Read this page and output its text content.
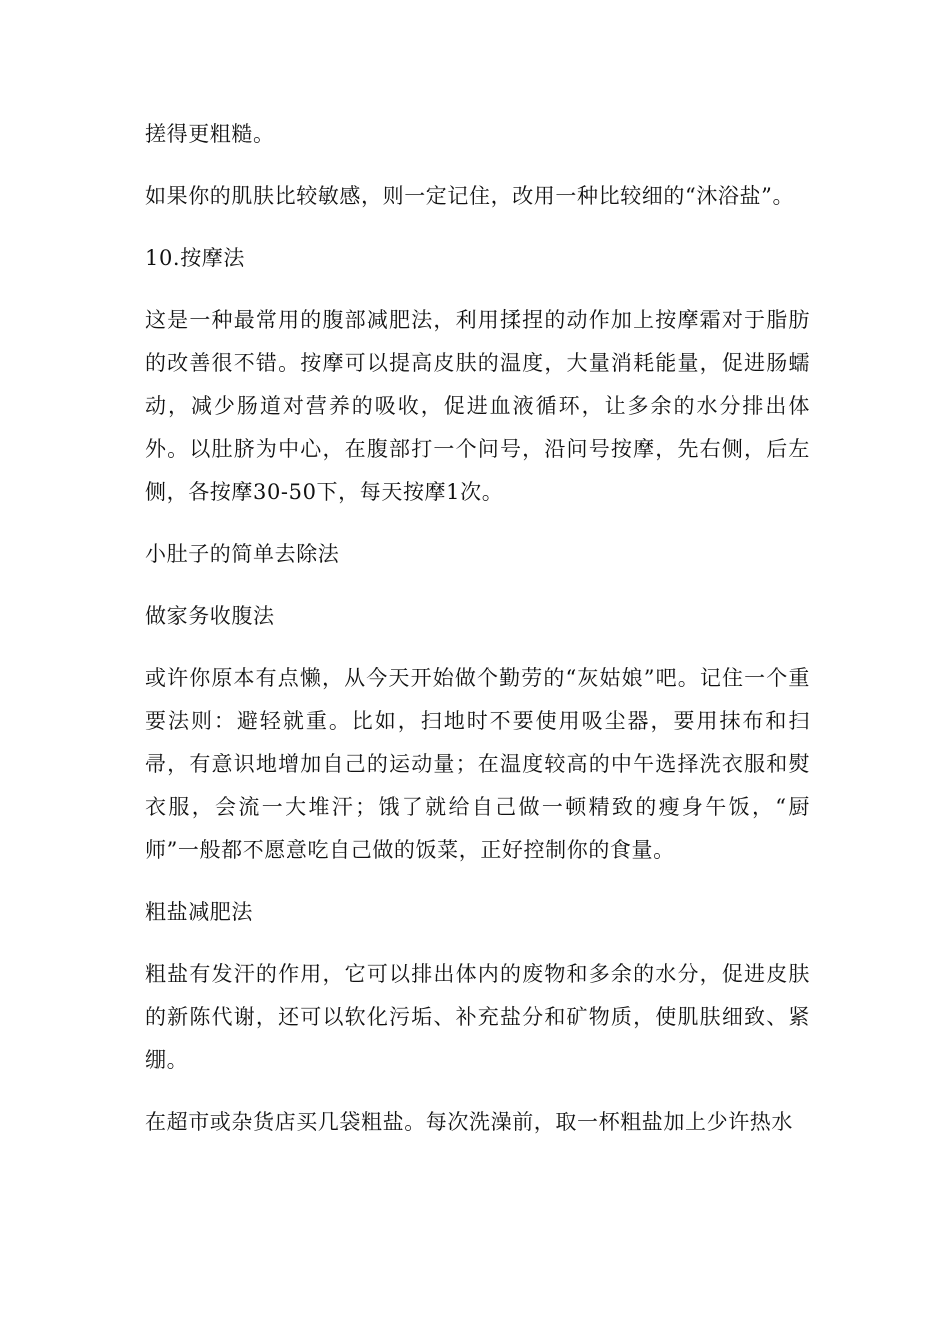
搓得更粗糙。

如果你的肌肤比较敏感，则一定记住，改用一种比较细的“沐浴盐”。

10.按摩法

这是一种最常用的腹部减肥法，利用揉捏的动作加上按摩霜对于脂肪的改善很不错。按摩可以提高皮肤的温度，大量消耗能量，促进肠蠕动，减少肠道对营养的吸收，促进血液循环，让多余的水分排出体外。以肚脐为中心，在腹部打一个问号，沿问号按摩，先右侧，后左侧，各按摩30-50下，每天按摩1次。

小肚子的简单去除法

做家务收腹法

或许你原本有点懒，从今天开始做个勤劳的“灰姑娘”吧。记住一个重要法则：避轻就重。比如，扫地时不要使用吸尘器，要用抹布和扫帚，有意识地增加自己的运动量；在温度较高的中午选择洗衣服和熨衣服，会流一大堆汗；饿了就给自己做一顿精致的瘦身午饭，“厨师”一般都不愿意吃自己做的饭菜，正好控制你的食量。

粗盐减肥法

粗盐有发汗的作用，它可以排出体内的废物和多余的水分，促进皮肤的新陈代谢，还可以软化污垢、补充盐分和矿物质，使肌肤细致、紧绷。

在超市或杂货店买几袋粗盐。每次洗澡前，取一杯粗盐加上少许热水
